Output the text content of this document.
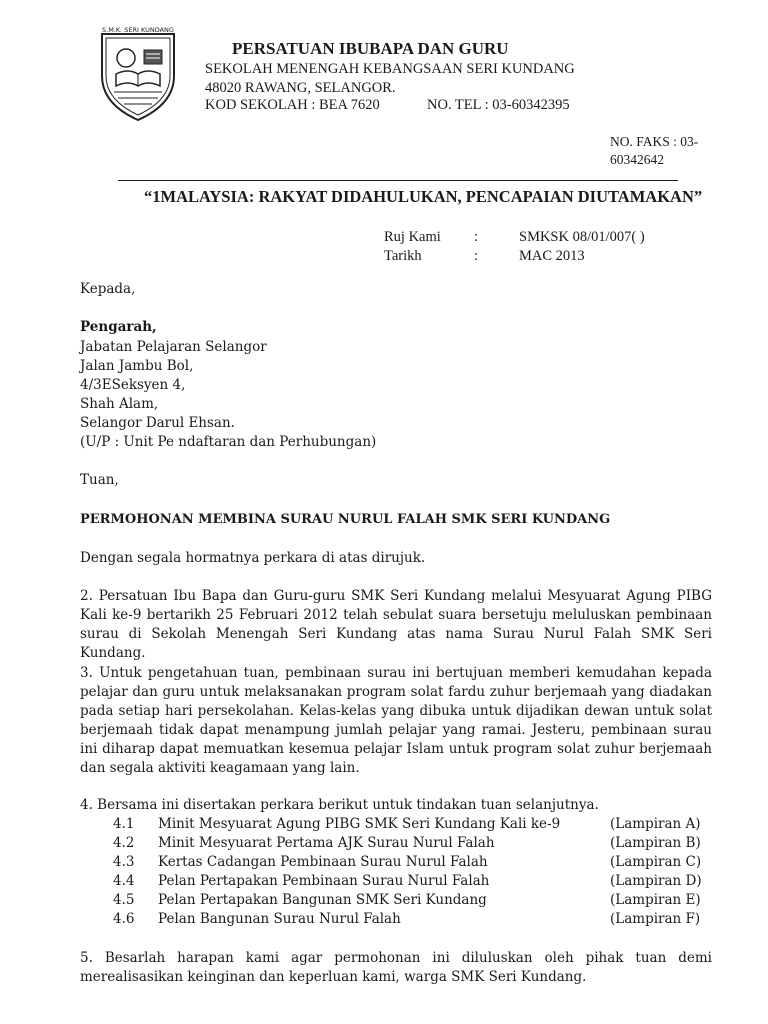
S.M.K. SERI KUNDANG
PERSATUAN IBUBAPA DAN GURU
SEKOLAH MENENGAH KEBANGSAAN SERI KUNDANG
48020 RAWANG, SELANGOR.
KOD SEKOLAH : BEA 7620	NO. TEL : 03-60342395
NO. FAKS : 03-60342642
“1MALAYSIA: RAKYAT DIDAHULUKAN, PENCAPAIAN DIUTAMAKAN”
Ruj Kami :	SMKSK 08/01/007( )
Tarikh	:	MAC 2013
Kepada,
Pengarah,
Jabatan Pelajaran Selangor
Jalan Jambu Bol,
4/3ESeksyen 4,
Shah Alam,
Selangor Darul Ehsan.
(U/P : Unit Pe ndaftaran dan Perhubungan)
Tuan,
PERMOHONAN MEMBINA SURAU NURUL FALAH SMK SERI KUNDANG
Dengan segala hormatnya perkara di atas dirujuk.
2. Persatuan Ibu Bapa dan Guru-guru SMK Seri Kundang melalui Mesyuarat Agung PIBG Kali ke-9 bertarikh 25 Februari 2012 telah sebulat suara bersetuju meluluskan pembinaan surau di Sekolah Menengah Seri Kundang atas nama Surau Nurul Falah SMK Seri Kundang.
3. Untuk pengetahuan tuan, pembinaan surau ini bertujuan memberi kemudahan kepada pelajar dan guru untuk melaksanakan program solat fardu zuhur berjemaah yang diadakan pada setiap hari persekolahan. Kelas-kelas yang dibuka untuk dijadikan dewan untuk solat berjemaah tidak dapat menampung jumlah pelajar yang ramai. Jesteru, pembinaan surau ini diharap dapat memuatkan kesemua pelajar Islam untuk program solat zuhur berjemaah dan segala aktiviti keagamaan yang lain.
4. Bersama ini disertakan perkara berikut untuk tindakan tuan selanjutnya.
4.1 Minit Mesyuarat Agung PIBG SMK Seri Kundang Kali ke-9	(Lampiran A)
4.2 Minit Mesyuarat Pertama AJK Surau Nurul Falah	(Lampiran B)
4.3 Kertas Cadangan Pembinaan Surau Nurul Falah	(Lampiran C)
4.4 Pelan Pertapakan Pembinaan Surau Nurul Falah	(Lampiran D)
4.5 Pelan Pertapakan Bangunan SMK Seri Kundang	(Lampiran E)
4.6 Pelan Bangunan Surau Nurul Falah	(Lampiran F)
5. Besarlah harapan kami agar permohonan ini diluluskan oleh pihak tuan demi merealisasikan keinginan dan keperluan kami, warga SMK Seri Kundang.
